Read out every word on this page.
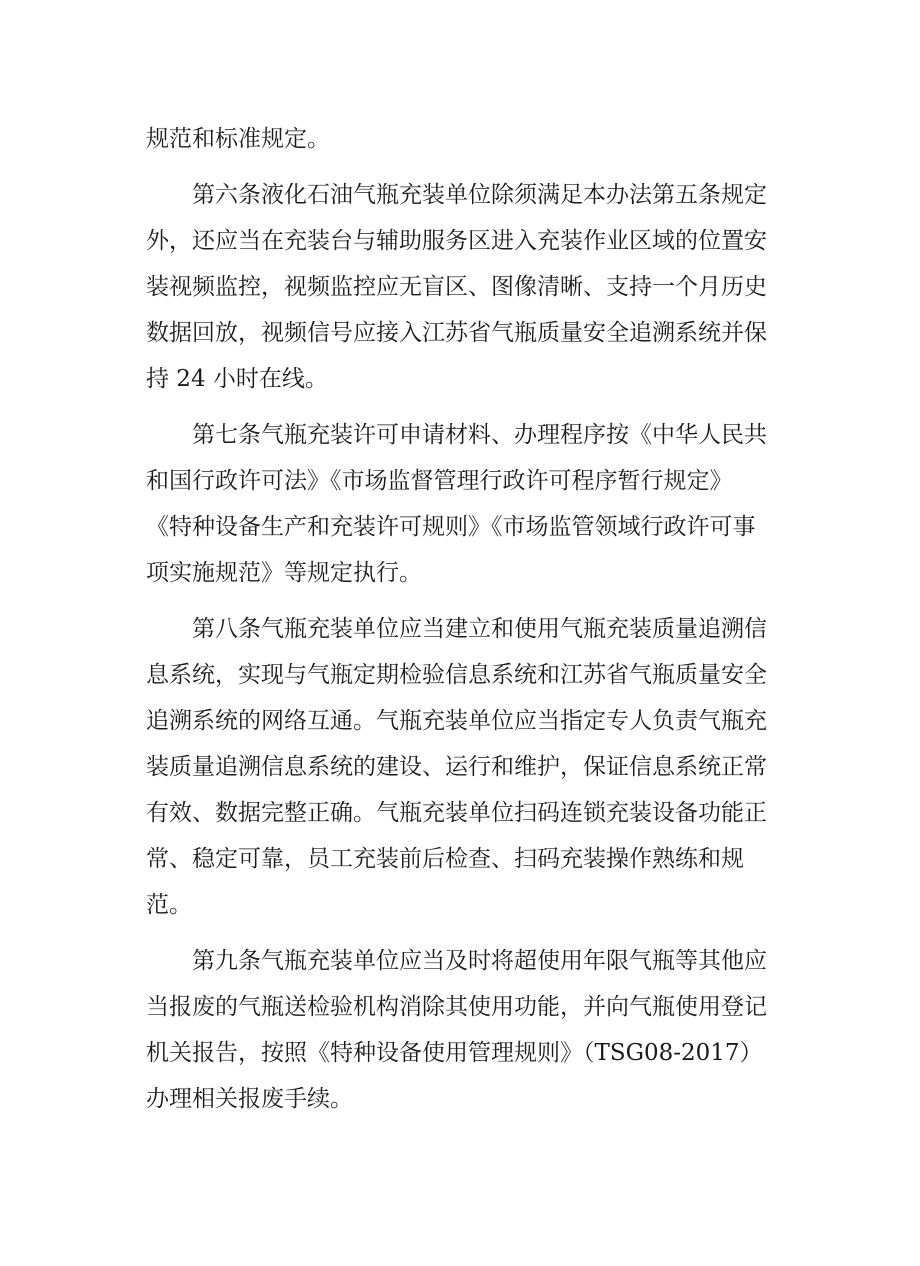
规范和标准规定。
第六条液化石油气瓶充装单位除须满足本办法第五条规定
外，还应当在充装台与辅助服务区进入充装作业区域的位置安
装视频监控，视频监控应无盲区、图像清晰、支持一个月历史
数据回放，视频信号应接入江苏省气瓶质量安全追溯系统并保
持 24 小时在线。
第七条气瓶充装许可申请材料、办理程序按《中华人民共
和国行政许可法》《市场监督管理行政许可程序暂行规定》
《特种设备生产和充装许可规则》《市场监管领域行政许可事
项实施规范》等规定执行。
第八条气瓶充装单位应当建立和使用气瓶充装质量追溯信
息系统，实现与气瓶定期检验信息系统和江苏省气瓶质量安全
追溯系统的网络互通。气瓶充装单位应当指定专人负责气瓶充
装质量追溯信息系统的建设、运行和维护，保证信息系统正常
有效、数据完整正确。气瓶充装单位扫码连锁充装设备功能正
常、稳定可靠，员工充装前后检查、扫码充装操作熟练和规
范。
第九条气瓶充装单位应当及时将超使用年限气瓶等其他应
当报废的气瓶送检验机构消除其使用功能，并向气瓶使用登记
机关报告，按照《特种设备使用管理规则》（TSG08-2017）
办理相关报废手续。
